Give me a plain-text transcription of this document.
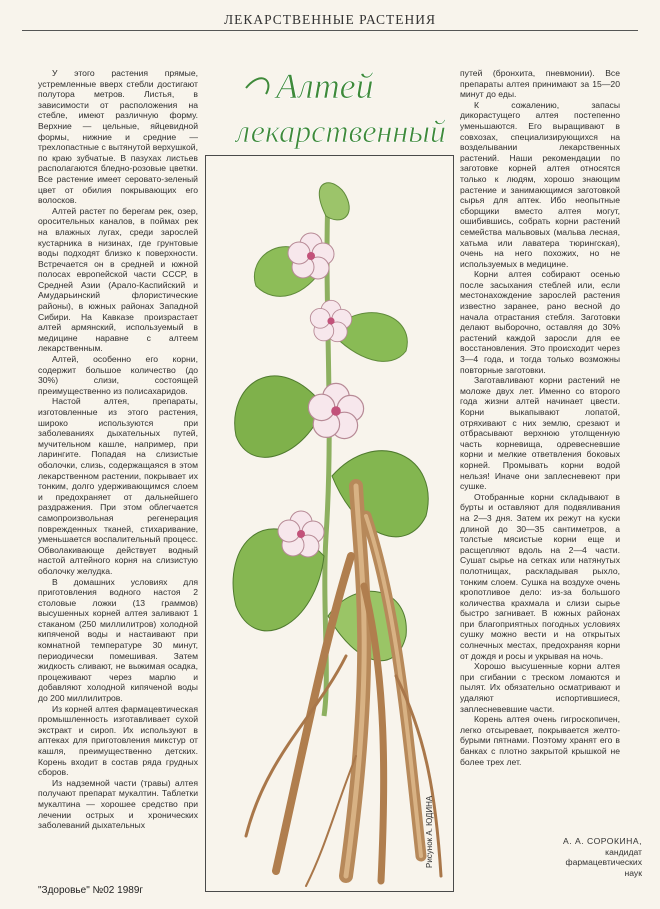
ЛЕКАРСТВЕННЫЕ РАСТЕНИЯ
Алтей
лекарственный

У этого растения прямые, устремленные вверх стебли достигают полутора метров. Листья, в зависимости от расположения на стебле, имеют различную форму. Верхние — цельные, яйцевидной формы, нижние и средние — трехлопастные с вытянутой верхушкой, по краю зубчатые. В пазухах листьев располагаются бледно-розовые цветки. Все растение имеет серовато-зеленый цвет от обилия покрывающих его волосков.

Алтей растет по берегам рек, озер, оросительных каналов, в поймах рек на влажных лугах, среди зарослей кустарника в низинах, где грунтовые воды подходят близко к поверхности. Встречается он в средней и южной полосах европейской части СССР, в Средней Азии (Арало-Каспийский и Амударьинский флористические районы), в южных районах Западной Сибири. На Кавказе произрастает алтей армянский, используемый в медицине наравне с алтеем лекарственным.

Алтей, особенно его корни, содержит большое количество (до 30%) слизи, состоящей преимущественно из полисахаридов.

Настой алтея, препараты, изготовленные из этого растения, широко используются при заболеваниях дыхательных путей, мучительном кашле, например, при ларингите. Попадая на слизистые оболочки, слизь, содержащаяся в этом лекарственном растении, покрывает их тонким, долго удерживающимся слоем и предохраняет от дальнейшего раздражения. При этом облегчается самопроизвольная регенерация поврежденных тканей, стихаривание, уменьшается воспалительный процесс. Обволакивающе действует водный настой алтейного корня на слизистую оболочку желудка.

В домашних условиях для приготовления водного настоя 2 столовые ложки (13 граммов) высушенных корней алтея заливают 1 стаканом (250 миллилитров) холодной кипяченой воды и настаивают при комнатной температуре 30 минут, периодически помешивая. Затем жидкость сливают, не выжимая осадка, процеживают через марлю и добавляют холодной кипяченой воды до 200 миллилитров.

Из корней алтея фармацевтическая промышленность изготавливает сухой экстракт и сироп. Их используют в аптеках для приготовления микстур от кашля, преимущественно детских. Корень входит в состав ряда грудных сборов.

Из надземной части (травы) алтея получают препарат мукалтин. Таблетки мукалтина — хорошее средство при лечении острых и хронических заболеваний дыхательных

путей (бронхита, пневмонии). Все препараты алтея принимают за 15—20 минут до еды.

К сожалению, запасы дикорастущего алтея постепенно уменьшаются. Его выращивают в совхозах, специализирующихся на возделывании лекарственных растений. Наши рекомендации по заготовке корней алтея относятся только к людям, хорошо знающим растение и занимающимся заготовкой сырья для аптек. Ибо неопытные сборщики вместо алтея могут, ошибившись, собрать корни растений семейства мальвовых (мальва лесная, хатьма или лаватера тюрингская), очень на него похожих, но не используемых в медицине.

Корни алтея собирают осенью после засыхания стеблей или, если местонахождение зарослей растения известно заранее, рано весной до начала отрастания стебля. Заготовки делают выборочно, оставляя до 30% растений каждой заросли для ее восстановления. Это происходит через 3—4 года, и тогда только возможны повторные заготовки.

Заготавливают корни растений не моложе двух лет. Именно со второго года жизни алтей начинает цвести. Корни выкапывают лопатой, отряхивают с них землю, срезают и отбрасывают верхнюю утолщенную часть корневища, одревесневшие корни и мелкие ответвления боковых корней. Промывать корни водой нельзя! Иначе они заплесневеют при сушке.

Отобранные корни складывают в бурты и оставляют для подвяливания на 2—3 дня. Затем их режут на куски длиной до 30—35 сантиметров, а толстые мясистые корни еще и расщепляют вдоль на 2—4 части. Сушат сырье на сетках или натянутых полотнищах, раскладывая рыхло, тонким слоем. Сушка на воздухе очень кропотливое дело: из-за большого количества крахмала и слизи сырье быстро загнивает. В южных районах при благоприятных погодных условиях сушку можно вести и на открытых солнечных местах, предохраняя корни от дождя и росы и укрывая на ночь.

Хорошо высушенные корни алтея при сгибании с треском ломаются и пылят. Их обязательно осматривают и удаляют испортившиеся, заплесневевшие части.

Корень алтея очень гигроскопичен, легко отсыревает, покрывается желто-бурыми пятнами. Поэтому хранят его в банках с плотно закрытой крышкой не более трех лет.

Рисунок А. ЮДИНА	А. А. СОРОКИНА,
кандидат
фармацевтических
наук
"Здоровье" №02 1989г
